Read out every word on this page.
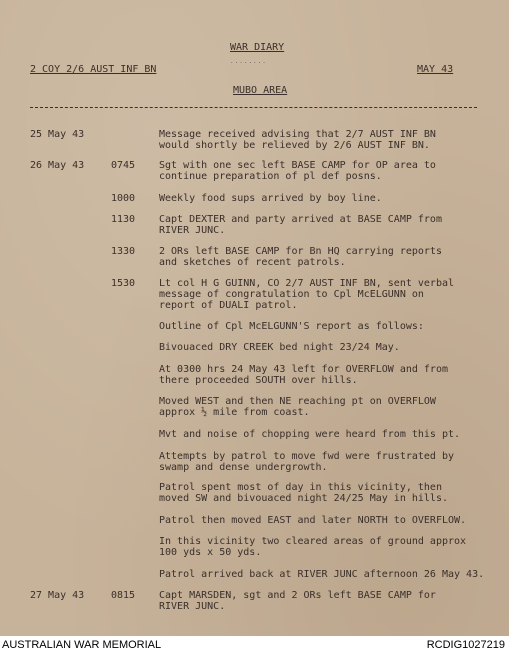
WAR DIARY
........
2 COY 2/6 AUST INF BN	MAY 43
MUBO AREA
25 May 43	Message received advising that 2/7 AUST INF BN
would shortly be relieved by 2/6 AUST INF BN.
26 May 43	0745 Sgt with one sec left BASE CAMP for OP area to
continue preparation of pl def posns.
1000 Weekly food sups arrived by boy line.
1130 Capt DEXTER and party arrived at BASE CAMP from
RIVER JUNC.
1330 2 ORs left BASE CAMP for Bn HQ carrying reports
and sketches of recent patrols.
1530 Lt col H G GUINN, CO 2/7 AUST INF BN, sent verbal
message of congratulation to Cpl McELGUNN on
report of DUALI patrol.
Outline of Cpl McELGUNN'S report as follows:
Bivouaced DRY CREEK bed night 23/24 May.
At 0300 hrs 24 May 43 left for OVERFLOW and from
there proceeded SOUTH over hills.
Moved WEST and then NE reaching pt on OVERFLOW
approx ½ mile from coast.
Mvt and noise of chopping were heard from this pt.
Attempts by patrol to move fwd were frustrated by
swamp and dense undergrowth.
Patrol spent most of day in this vicinity, then
moved SW and bivouaced night 24/25 May in hills.
Patrol then moved EAST and later NORTH to OVERFLOW.
In this vicinity two cleared areas of ground approx
100 yds x 50 yds.
Patrol arrived back at RIVER JUNC afternoon 26 May 43.
27 May 43	0815 Capt MARSDEN, sgt and 2 ORs left BASE CAMP for
RIVER JUNC.
AUSTRALIAN WAR MEMORIAL	RCDIG1027219
